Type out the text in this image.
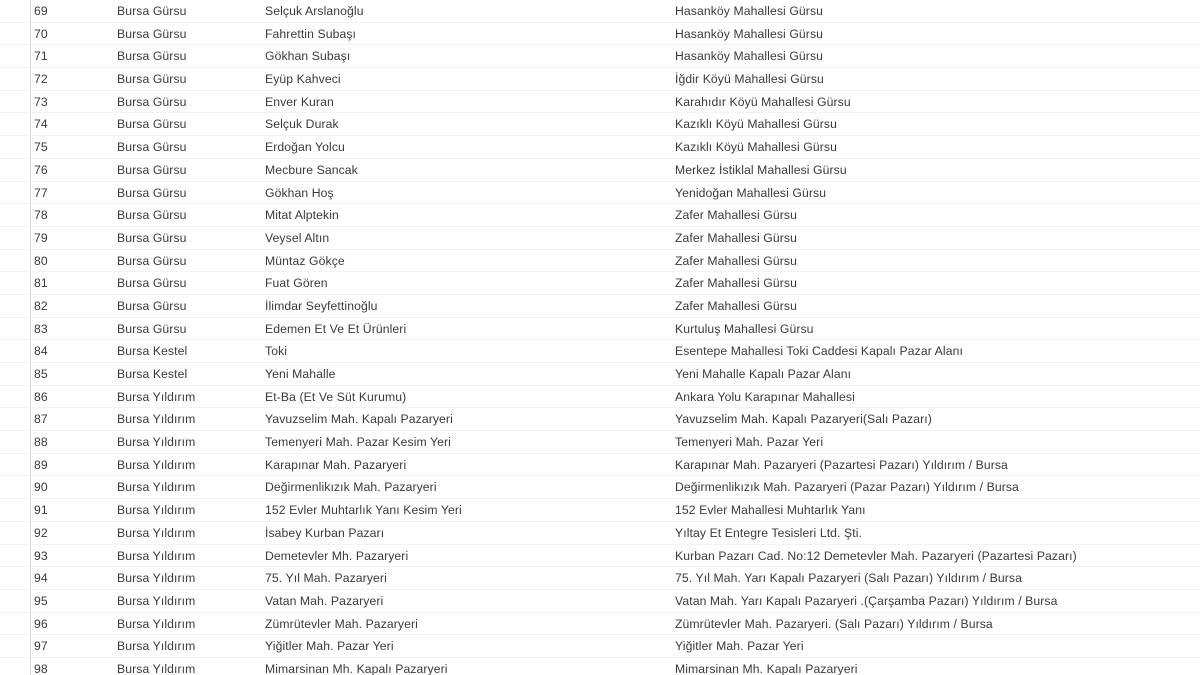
69	Bursa Gürsu	Selçuk Arslanoğlu	Hasanköy Mahallesi Gürsu
70	Bursa Gürsu	Fahrettin Subaşı	Hasanköy Mahallesi Gürsu
71	Bursa Gürsu	Gökhan Subaşı	Hasanköy Mahallesi Gürsu
72	Bursa Gürsu	Eyüp Kahveci	İğdir Köyü Mahallesi Gürsu
73	Bursa Gürsu	Enver Kuran	Karahıdır Köyü Mahallesi Gürsu
74	Bursa Gürsu	Selçuk Durak	Kazıklı Köyü Mahallesi Gürsu
75	Bursa Gürsu	Erdoğan Yolcu	Kazıklı Köyü Mahallesi Gürsu
76	Bursa Gürsu	Mecbure Sancak	Merkez İstiklal Mahallesi Gürsu
77	Bursa Gürsu	Gökhan Hoş	Yenidoğan Mahallesi Gürsu
78	Bursa Gürsu	Mitat Alptekin	Zafer Mahallesi Gürsu
79	Bursa Gürsu	Veysel Altın	Zafer Mahallesi Gürsu
80	Bursa Gürsu	Müntaz Gökçe	Zafer Mahallesi Gürsu
81	Bursa Gürsu	Fuat Gören	Zafer Mahallesi Gürsu
82	Bursa Gürsu	İlimdar Seyfettinoğlu	Zafer Mahallesi Gürsu
83	Bursa Gürsu	Edemen Et Ve Et Ürünleri	Kurtuluş Mahallesi Gürsu
84	Bursa Kestel	Toki	Esentepe Mahallesi Toki Caddesi Kapalı Pazar Alanı
85	Bursa Kestel	Yeni Mahalle	Yeni Mahalle Kapalı Pazar Alanı
86	Bursa Yıldırım	Et-Ba (Et Ve Süt Kurumu)	Ankara Yolu Karapınar Mahallesi
87	Bursa Yıldırım	Yavuzselim Mah. Kapalı Pazaryeri	Yavuzselim Mah. Kapalı Pazaryeri(Salı Pazarı)
88	Bursa Yıldırım	Temenyeri Mah. Pazar Kesim Yeri	Temenyeri Mah. Pazar Yeri
89	Bursa Yıldırım	Karapınar Mah. Pazaryeri	Karapınar Mah. Pazaryeri (Pazartesi Pazarı) Yıldırım / Bursa
90	Bursa Yıldırım	Değirmenlikızık Mah. Pazaryeri	Değirmenlikızık Mah. Pazaryeri (Pazar Pazarı) Yıldırım / Bursa
91	Bursa Yıldırım	152 Evler Muhtarlık Yanı Kesim Yeri	152 Evler Mahallesi Muhtarlık Yanı
92	Bursa Yıldırım	İsabey Kurban Pazarı	Yıltay Et Entegre Tesisleri Ltd. Şti.
93	Bursa Yıldırım	Demetevler Mh. Pazaryeri	Kurban Pazarı Cad. No:12 Demetevler Mah. Pazaryeri (Pazartesi Pazarı)
94	Bursa Yıldırım	75. Yıl Mah. Pazaryeri	75. Yıl Mah. Yarı Kapalı Pazaryeri (Salı Pazarı) Yıldırım / Bursa
95	Bursa Yıldırım	Vatan Mah. Pazaryeri	Vatan Mah. Yarı Kapalı Pazaryeri .(Çarşamba Pazarı) Yıldırım / Bursa
96	Bursa Yıldırım	Zümrütevler Mah. Pazaryeri	Zümrütevler Mah. Pazaryeri. (Salı Pazarı) Yıldırım / Bursa
97	Bursa Yıldırım	Yiğitler Mah. Pazar Yeri	Yiğitler Mah. Pazar Yeri
98	Bursa Yıldırım	Mimarsinan Mh. Kapalı Pazaryeri	Mimarsinan Mh. Kapalı Pazaryeri
